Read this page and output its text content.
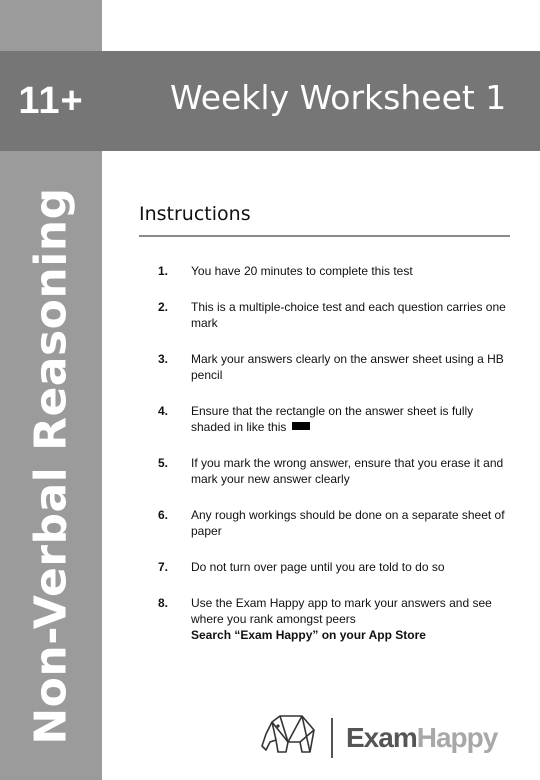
11+	Weekly Worksheet 1
Non-Verbal Reasoning	Instructions
1.	You have 20 minutes to complete this test
2.	This is a multiple-choice test and each question carries one mark
3.	Mark your answers clearly on the answer sheet using a HB pencil
4.	Ensure that the rectangle on the answer sheet is fully shaded in like this
5.	If you mark the wrong answer, ensure that you erase it and mark your new answer clearly
6.	Any rough workings should be done on a separate sheet of paper
7.	Do not turn over page until you are told to do so
8.	Use the Exam Happy app to mark your answers and see where you rank amongst peers
Search “Exam Happy” on your App Store
ExamHappy
